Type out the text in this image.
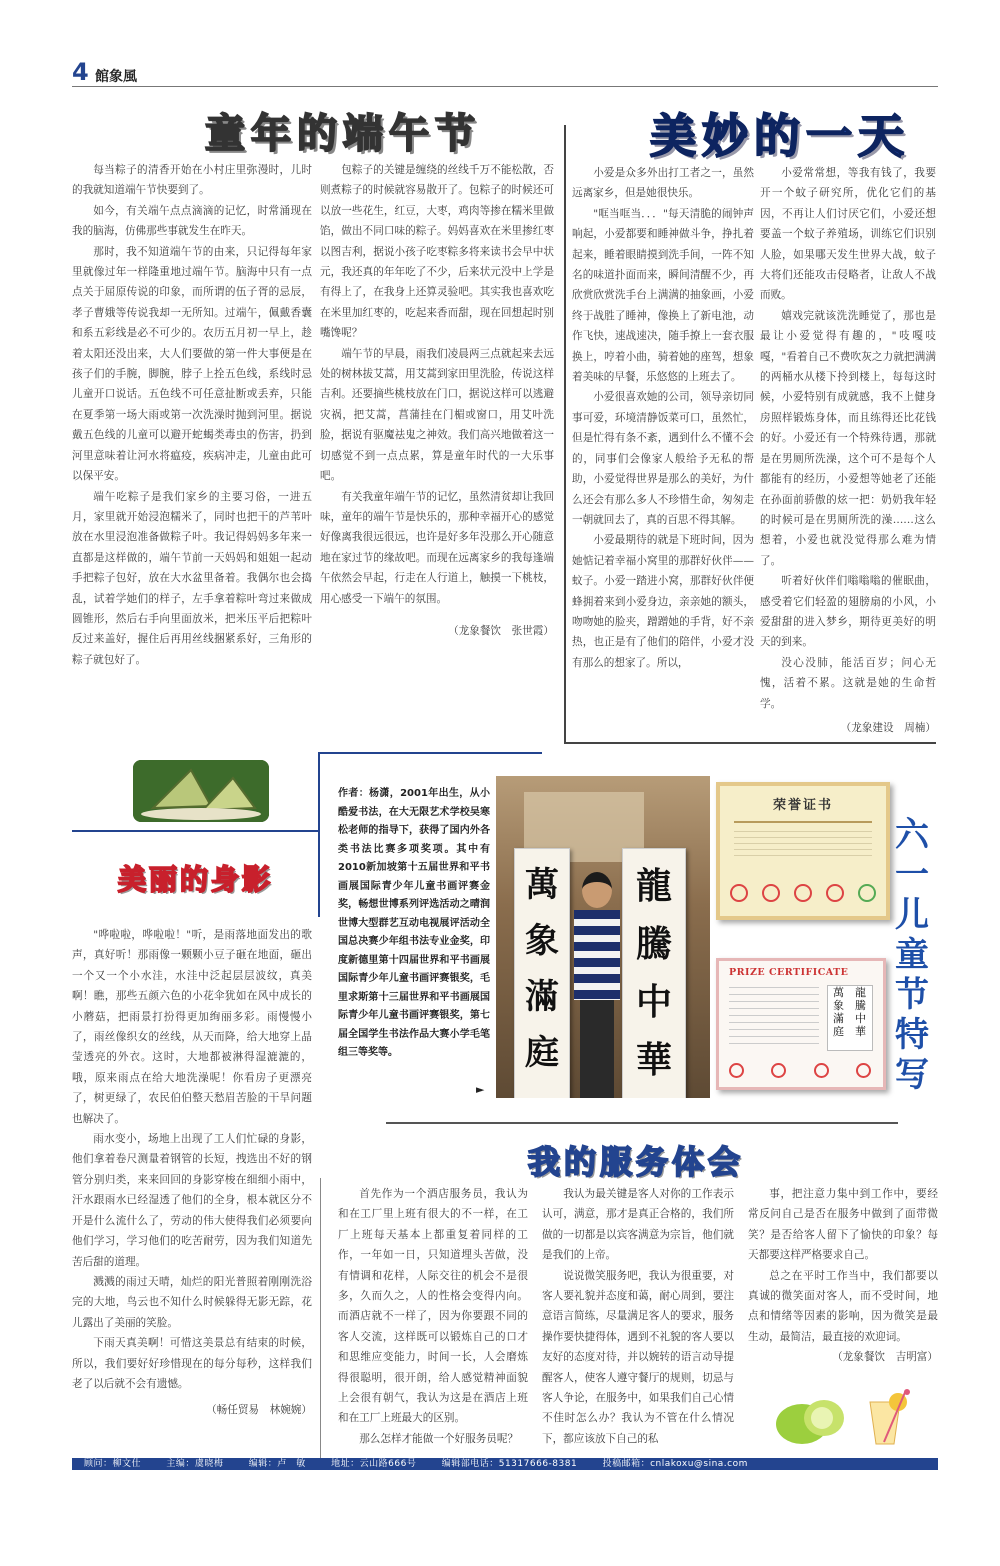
4 館象風
童年的端午节

每当粽子的清香开始在小村庄里弥漫时，儿时的我就知道端午节快要到了。

如今，有关端午点点滴滴的记忆，时常涌现在我的脑海，仿佛那些事就发生在昨天。

那时，我不知道端午节的由来，只记得每年家里就像过年一样隆重地过端午节。脑海中只有一点点关于屈原传说的印象，而所谓的伍子胥的忌辰，孝子曹娥等传说我却一无所知。过端午，佩戴香囊和系五彩线是必不可少的。农历五月初一早上，趁着太阳还没出来，大人们要做的第一件大事便是在孩子们的手腕，脚腕，脖子上拴五色线，系线时忌儿童开口说话。五色线不可任意扯断或丢弃，只能在夏季第一场大雨或第一次洗澡时抛到河里。据说戴五色线的儿童可以避开蛇蝎类毒虫的伤害，扔到河里意味着让河水将瘟疫，疾病冲走，儿童由此可以保平安。

端午吃粽子是我们家乡的主要习俗，一进五月，家里就开始浸泡糯米了，同时也把干的芦苇叶放在水里浸泡准备做粽子叶。我记得妈妈多年来一直都是这样做的，端午节前一天妈妈和姐姐一起动手把粽子包好，放在大水盆里备着。我偶尔也会捣乱，试着学她们的样子，左手拿着粽叶弯过来做成圆锥形，然后右手向里面放米，把米压平后把粽叶反过来盖好，握住后再用丝线捆紧系好，三角形的粽子就包好了。

包粽子的关键是缠绕的丝线千万不能松散，否则煮粽子的时候就容易散开了。包粽子的时候还可以放一些花生，红豆，大枣，鸡肉等掺在糯米里做馅，做出不同口味的粽子。妈妈喜欢在米里掺红枣以图吉利，据说小孩子吃枣粽多将来读书会早中状元，我还真的年年吃了不少，后来状元没中上学是有得上了，在我身上还算灵验吧。其实我也喜欢吃在米里加红枣的，吃起来香而甜，现在回想起时别嘴馋呢？

端午节的早晨，雨我们凌晨两三点就起来去远处的树林拔艾蒿，用艾蒿到家田里洗脸，传说这样吉利。还要摘些桃枝放在门口，据说这样可以逃避灾祸，把艾蒿，菖蒲挂在门楣或窗口，用艾叶洗脸，据说有驱魔祛鬼之神效。我们高兴地做着这一切感觉不到一点点累，算是童年时代的一大乐事吧。

有关我童年端午节的记忆，虽然清贫却让我回味，童年的端午节是快乐的，那种幸福开心的感觉好像离我很远很远，也许是好多年没那么开心随意地在家过节的缘故吧。而现在远离家乡的我每逢端午依然会早起，行走在人行道上，触摸一下桃枝，用心感受一下端午的氛围。

（龙象餐饮　张世霞）
美妙的一天

小爱是众多外出打工者之一，虽然远离家乡，但是她很快乐。

"哐当哐当．．．"每天清脆的闹钟声响起，小爱都要和睡神做斗争，挣扎着起来，睡着眼睛摸到洗手间，一阵不知名的味道扑面而来，瞬间清醒不少，再欣赏欣赏洗手台上满满的抽象画，小爱终于战胜了睡神，像换上了新电池，动作飞快，速战速决，随手撩上一套衣服换上，哼着小曲，骑着她的座驾，想象着美味的早餐，乐悠悠的上班去了。

小爱很喜欢她的公司，领导亲切同事可爱，环境清静饭菜可口，虽然忙，但是忙得有条不紊，遇到什么不懂不会的，同事们会像家人般给予无私的帮助，小爱觉得世界是那么的美好，为什么还会有那么多人不珍惜生命，匆匆走一朝就回去了，真的百思不得其解。

小爱最期待的就是下班时间，因为她惦记着幸福小窝里的那群好伙伴——蚊子。小爱一踏进小窝，那群好伙伴便蜂拥着来到小爱身边，亲亲她的额头，吻吻她的脸夹，蹭蹭她的手背，好不亲热，也正是有了他们的陪伴，小爱才没有那么的想家了。所以，

小爱常常想，等我有钱了，我要开一个蚊子研究所，优化它们的基因，不再让人们讨厌它们，小爱还想要盖一个蚊子养殖场，训练它们识别人脸，如果哪天发生世界大战，蚊子大将们还能攻击侵略者，让敌人不战而败。

嬉戏完就该洗洗睡觉了，那也是最让小爱觉得有趣的，"吱嘎吱嘎，"看着自己不费吹灰之力就把满满的两桶水从楼下拎到楼上，每每这时候，小爱特别有成就感，我不上健身房照样锻炼身体，而且练得还比花钱的好。小爱还有一个特殊待遇，那就是在男厕所洗澡，这个可不是每个人都能有的经历，小爱想等她老了还能在孙面前骄傲的炫一把：奶奶我年轻的时候可是在男厕所洗的澡……这么想着，小爱也就没觉得那么难为情了。

听着好伙伴们嗡嗡嗡的催眠曲，感受着它们轻盈的翅膀扇的小风，小爱甜甜的进入梦乡，期待更美好的明天的到来。

没心没肺，能活百岁；问心无愧，活着不累。这就是她的生命哲学。

（龙象建设　周楠）
美丽的身影

"哗啦啦，哗啦啦！"听，是雨落地面发出的歌声，真好听！那雨像一颗颗小豆子砸在地面，砸出一个又一个小水洼，水洼中泛起层层波纹，真美啊！瞧，那些五颜六色的小花伞犹如在风中成长的小蘑菇，把雨景打扮得更加绚丽多彩。雨慢慢小了，雨丝像织女的丝线，从天而降，给大地穿上晶莹透亮的外衣。这时，大地都被淋得湿漉漉的，哦，原来雨点在给大地洗澡呢！你看房子更漂亮了，树更绿了，农民伯伯整天愁眉苦脸的干旱问题也解决了。

雨水变小，场地上出现了工人们忙碌的身影，他们拿着卷尺测量着钢管的长短，拽选出不好的钢管分别归类，来来回回的身影穿梭在细细小雨中，汗水跟雨水已经湿透了他们的全身，根本就区分不开是什么流什么了，劳动的伟大使得我们必须要向他们学习，学习他们的吃苦耐劳，因为我们知道先苦后甜的道理。

溅溅的雨过天晴，灿烂的阳光普照着刚刚洗浴完的大地，鸟云也不知什么时候躲得无影无踪，花儿露出了美丽的笑脸。

下雨天真美啊！可惜这美景总有结束的时候，所以，我们要好好珍惜现在的每分每秒，这样我们老了以后就不会有遗憾。

（畅任贸易　林婉婉）
作者：杨潇，2001年出生，从小酷爱书法，在大无限艺术学校吴寒松老师的指导下，获得了国内外各类书法比赛多项奖项。其中有2010新加坡第十五届世界和平书画展国际青少年儿童书画评赛金奖，畅想世博系列评选活动之晴润世博大型群艺互动电视展评活动全国总决赛少年组书法专业金奖，印度新德里第十四届世界和平书画展国际青少年儿童书画评赛银奖，毛里求斯第十三届世界和平书画展国际青少年儿童书画评赛银奖，第七届全国学生书法作品大赛小学毛笔组三等奖等。
►
萬象滿庭
龍騰中華
荣誉证书
PRIZE CERTIFICATE
萬象滿庭
龍騰中華
六一儿童节特写
我的服务体会

首先作为一个酒店服务员，我认为和在工厂里上班有很大的不一样，在工厂上班每天基本上都重复着同样的工作，一年如一日，只知道埋头苦做，没有情调和花样，人际交往的机会不是很多，久而久之，人的性格会变得内向。而酒店就不一样了，因为你要跟不同的客人交流，这样既可以锻炼自己的口才和思维应变能力，时间一长，人会磨炼得很聪明，很开朗，给人感觉精神面貌上会很有朝气，我认为这是在酒店上班和在工厂上班最大的区别。

那么怎样才能做一个好服务员呢？

我认为最关键是客人对你的工作表示认可，满意，那才是真正合格的，我们所做的一切都是以宾客满意为宗旨，他们就是我们的上帝。

说说微笑服务吧，我认为很重要，对客人要礼貌并态度和蔼，耐心周到，要注意语言简练，尽量满足客人的要求，服务操作要快捷得体，遇到不礼貌的客人要以友好的态度对待，并以婉转的语言动导提醒客人，使客人遵守餐厅的规则，切忌与客人争论，在服务中，如果我们自己心情不佳时怎么办？我认为不管在什么情况下，都应该放下自己的私

事，把注意力集中到工作中，要经常反问自己是否在服务中做到了面带微笑？是否给客人留下了愉快的印象？每天都要这样严格要求自己。

总之在平时工作当中，我们都要以真诚的微笑面对客人，而不受时间，地点和情绪等因素的影响，因为微笑是最生动，最简洁，最直接的欢迎词。

（龙象餐饮　吉明富）
顾问：柳文仕	主编：虞晓梅	编辑：卢　敏	地址：云山路666号	编辑部电话：51317666-8381	投稿邮箱：cnlakoxu@sina.com
